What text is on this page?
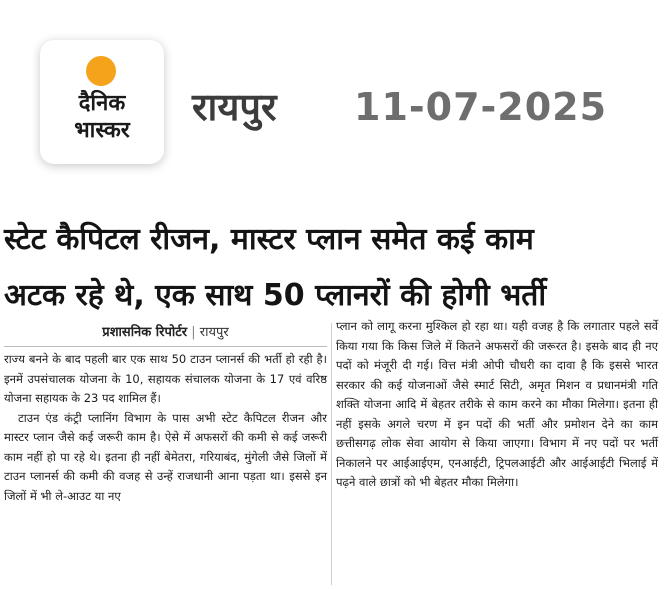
दैनिक
भास्कर
रायपुर 11-07-2025
स्टेट कैपिटल रीजन, मास्टर प्लान समेत कई काम
अटक रहे थे, एक साथ 50 प्लानरों की होगी भर्ती
प्रशासनिक रिपोर्टर | रायपुर

राज्य बनने के बाद पहली बार एक साथ 50 टाउन प्लानर्स की भर्ती हो रही है। इनमें उपसंचालक योजना के 10, सहायक संचालक योजना के 17 एवं वरिष्ठ योजना सहायक के 23 पद शामिल हैं।

टाउन एंड कंट्री प्लानिंग विभाग के पास अभी स्टेट कैपिटल रीजन और मास्टर प्लान जैसे कई जरूरी काम है। ऐसे में अफसरों की कमी से कई जरूरी काम नहीं हो पा रहे थे। इतना ही नहीं बेमेतरा, गरियाबंद, मुंगेली जैसे जिलों में टाउन प्लानर्स की कमी की वजह से उन्हें राजधानी आना पड़ता था। इससे इन जिलों में भी ले-आउट या नए

प्लान को लागू करना मुश्किल हो रहा था। यही वजह है कि लगातार पहले सर्वे किया गया कि किस जिले में कितने अफसरों की जरूरत है। इसके बाद ही नए पदों को मंजूरी दी गई। वित्त मंत्री ओपी चौधरी का दावा है कि इससे भारत सरकार की कई योजनाओं जैसे स्मार्ट सिटी, अमृत मिशन व प्रधानमंत्री गति शक्ति योजना आदि में बेहतर तरीके से काम करने का मौका मिलेगा। इतना ही नहीं इसके अगले चरण में इन पदों की भर्ती और प्रमोशन देने का काम छत्तीसगढ़ लोक सेवा आयोग से किया जाएगा। विभाग में नए पदों पर भर्ती निकालने पर आईआईएम, एनआईटी, ट्रिपलआईटी और आईआईटी भिलाई में पढ़ने वाले छात्रों को भी बेहतर मौका मिलेगा।
